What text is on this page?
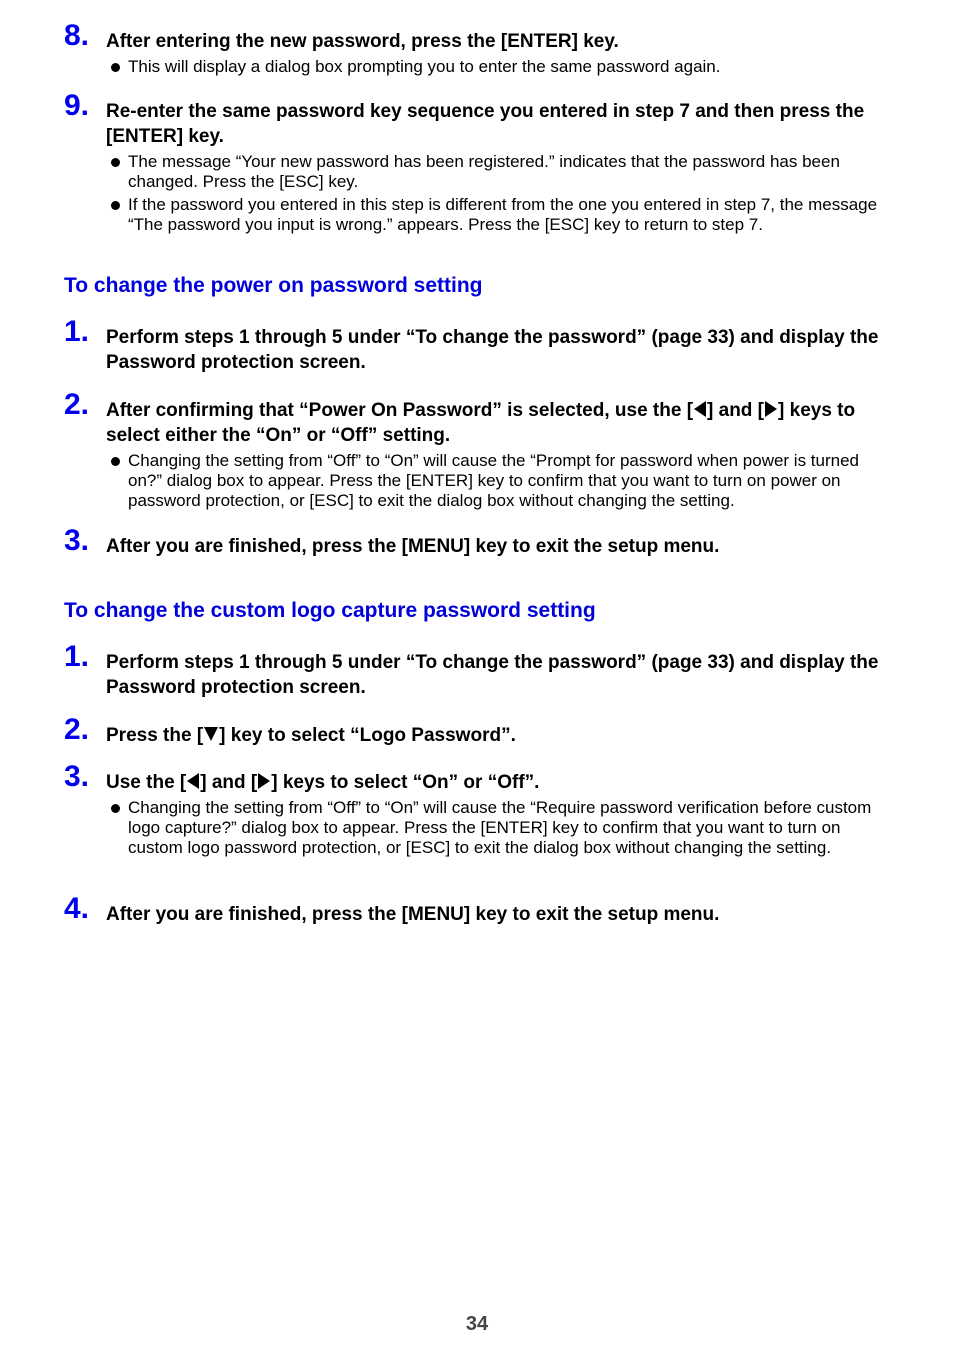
8. After entering the new password, press the [ENTER] key.
This will display a dialog box prompting you to enter the same password again.
9. Re-enter the same password key sequence you entered in step 7 and then press the [ENTER] key.
The message “Your new password has been registered.” indicates that the password has been changed. Press the [ESC] key.
If the password you entered in this step is different from the one you entered in step 7, the message “The password you input is wrong.” appears. Press the [ESC] key to return to step 7.
To change the power on password setting
1. Perform steps 1 through 5 under “To change the password” (page 33) and display the Password protection screen.
2. After confirming that “Power On Password” is selected, use the [ ] and [ ] keys to select either the “On” or “Off” setting.
Changing the setting from “Off” to “On” will cause the “Prompt for password when power is turned on?” dialog box to appear. Press the [ENTER] key to confirm that you want to turn on power on password protection, or [ESC] to exit the dialog box without changing the setting.
3. After you are finished, press the [MENU] key to exit the setup menu.
To change the custom logo capture password setting
1. Perform steps 1 through 5 under “To change the password” (page 33) and display the Password protection screen.
2. Press the [ ] key to select “Logo Password”.
3. Use the [ ] and [ ] keys to select “On” or “Off”.
Changing the setting from “Off” to “On” will cause the “Require password verification before custom logo capture?” dialog box to appear. Press the [ENTER] key to confirm that you want to turn on custom logo password protection, or [ESC] to exit the dialog box without changing the setting.
4. After you are finished, press the [MENU] key to exit the setup menu.
34
